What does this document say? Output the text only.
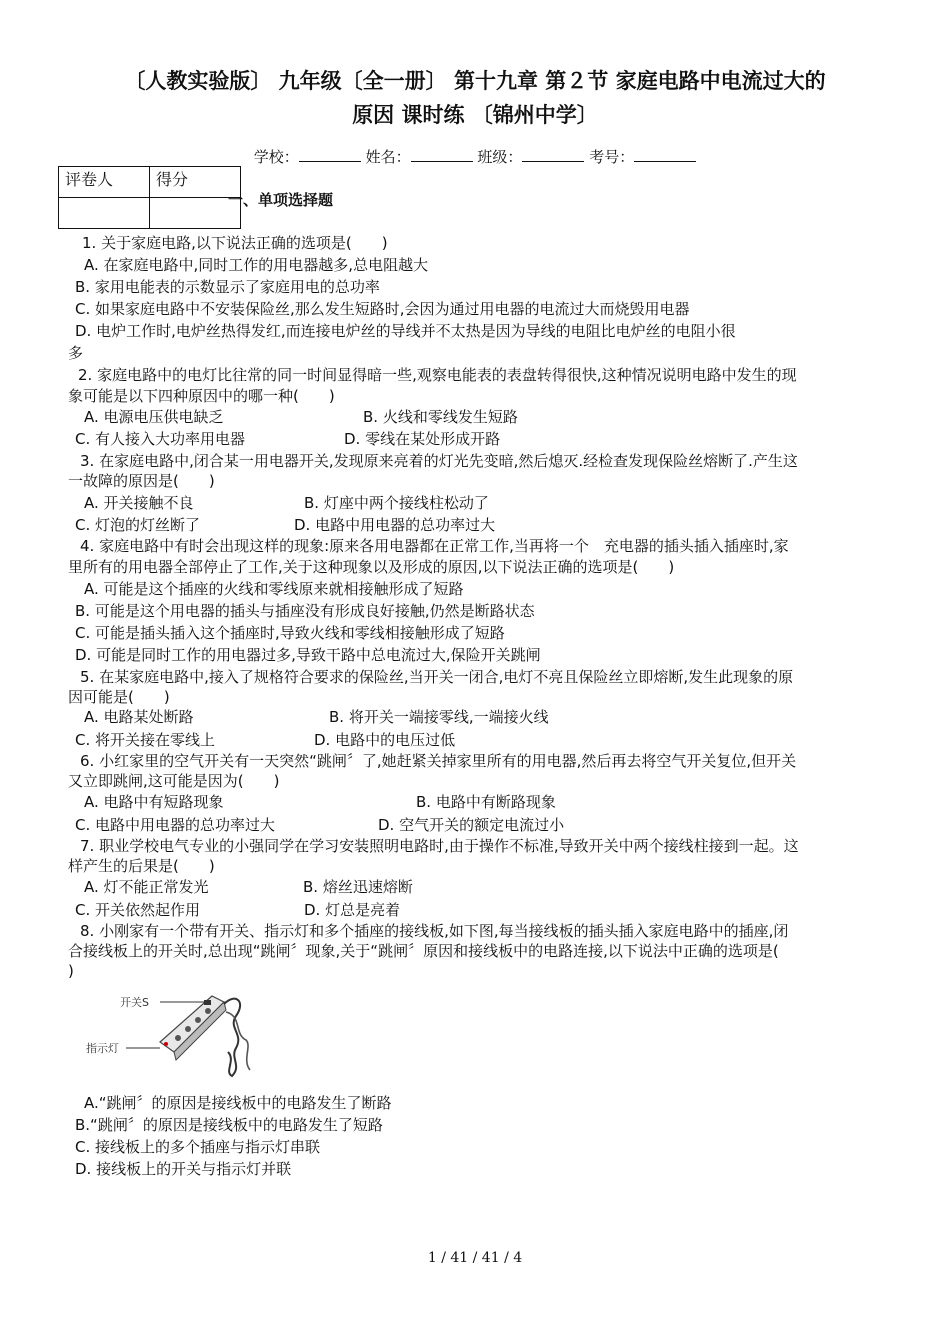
〔人教实验版〕 九年级〔全一册〕 第十九章 第２节 家庭电路中电流过大的
原因 课时练 〔锦州中学〕
学校：	姓名：	班级：	考号：
评卷人	得分

一、单项选择题
1. 关于家庭电路,以下说法正确的选项是(　　)
A. 在家庭电路中,同时工作的用电器越多,总电阻越大
B. 家用电能表的示数显示了家庭用电的总功率
C. 如果家庭电路中不安装保险丝,那么发生短路时,会因为通过用电器的电流过大而烧毁用电器
D. 电炉工作时,电炉丝热得发红,而连接电炉丝的导线并不太热是因为导线的电阻比电炉丝的电阻小很
多
2. 家庭电路中的电灯比往常的同一时间显得暗一些,观察电能表的表盘转得很快,这种情况说明电路中发生的现
象可能是以下四种原因中的哪一种(　　)
A. 电源电压供电缺乏	B. 火线和零线发生短路
C. 有人接入大功率用电器	D. 零线在某处形成开路
3. 在家庭电路中,闭合某一用电器开关,发现原来亮着的灯光先变暗,然后熄灭.经检查发现保险丝熔断了.产生这
一故障的原因是(　　)
A. 开关接触不良	B. 灯座中两个接线柱松动了
C. 灯泡的灯丝断了	D. 电路中用电器的总功率过大
4. 家庭电路中有时会出现这样的现象:原来各用电器都在正常工作,当再将一个　充电器的插头插入插座时,家
里所有的用电器全部停止了工作,关于这种现象以及形成的原因,以下说法正确的选项是(　　)
A. 可能是这个插座的火线和零线原来就相接触形成了短路
B. 可能是这个用电器的插头与插座没有形成良好接触,仍然是断路状态
C. 可能是插头插入这个插座时,导致火线和零线相接触形成了短路
D. 可能是同时工作的用电器过多,导致干路中总电流过大,保险开关跳闸
5. 在某家庭电路中,接入了规格符合要求的保险丝,当开关一闭合,电灯不亮且保险丝立即熔断,发生此现象的原
因可能是(　　)
A. 电路某处断路	B. 将开关一端接零线,一端接火线
C. 将开关接在零线上	D. 电路中的电压过低
6. 小红家里的空气开关有一天突然“跳闸〞了,她赶紧关掉家里所有的用电器,然后再去将空气开关复位,但开关
又立即跳闸,这可能是因为(　　)
A. 电路中有短路现象	B. 电路中有断路现象
C. 电路中用电器的总功率过大	D. 空气开关的额定电流过小
7. 职业学校电气专业的小强同学在学习安装照明电路时,由于操作不标准,导致开关中两个接线柱接到一起。这
样产生的后果是(　　)
A. 灯不能正常发光	B. 熔丝迅速熔断
C. 开关依然起作用	D. 灯总是亮着
8. 小刚家有一个带有开关、指示灯和多个插座的接线板,如下图,每当接线板的插头插入家庭电路中的插座,闭
合接线板上的开关时,总出现“跳闸〞现象,关于“跳闸〞原因和接线板中的电路连接,以下说法中正确的选项是(
)
开关S
指示灯
A.“跳闸〞的原因是接线板中的电路发生了断路
B.“跳闸〞的原因是接线板中的电路发生了短路
C. 接线板上的多个插座与指示灯串联
D. 接线板上的开关与指示灯并联
1 / 41 / 41 / 4
